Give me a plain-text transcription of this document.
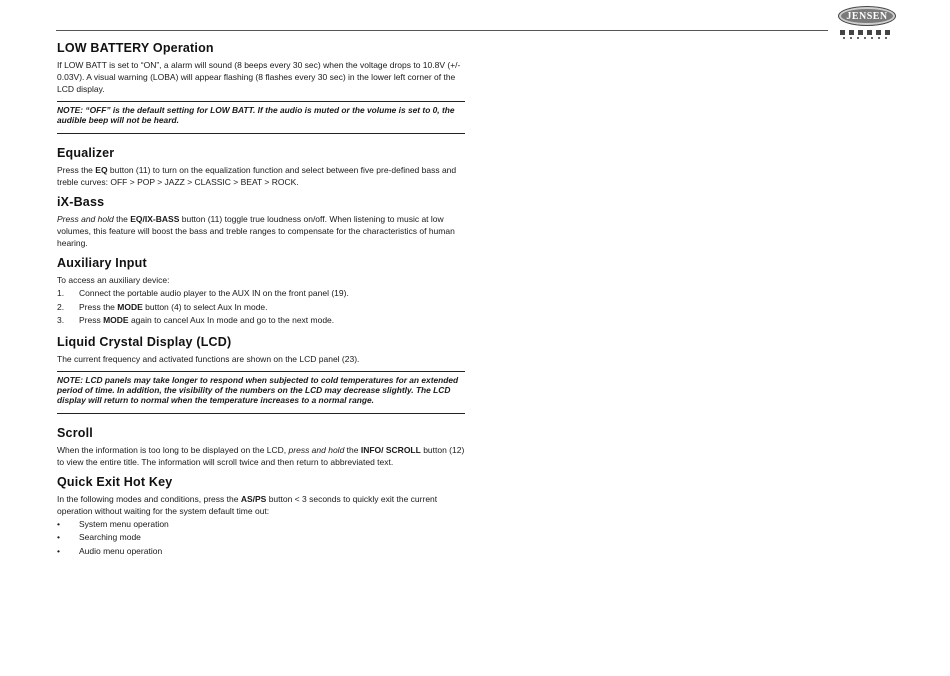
JENSEN
LOW BATTERY Operation

If LOW BATT is set to “ON”, a alarm will sound (8 beeps every 30 sec) when the voltage drops to 10.8V (+/- 0.03V). A visual warning (LOBA) will appear flashing (8 flashes every 30 sec) in the lower left corner of the LCD display.

NOTE: “OFF” is the default setting for LOW BATT. If the audio is muted or the volume is set to 0, the audible beep will not be heard.
Equalizer

Press the EQ button (11) to turn on the equalization function and select between five pre-defined bass and treble curves: OFF > POP > JAZZ > CLASSIC > BEAT > ROCK.

iX-Bass

Press and hold the EQ/IX-BASS button (11) toggle true loudness on/off. When listening to music at low volumes, this feature will boost the bass and treble ranges to compensate for the characteristics of human hearing.

Auxiliary Input

To access an auxiliary device:

1. Connect the portable audio player to the AUX IN on the front panel (19).
2. Press the MODE button (4) to select Aux In mode.
3. Press MODE again to cancel Aux In mode and go to the next mode.
Liquid Crystal Display (LCD)

The current frequency and activated functions are shown on the LCD panel (23).

NOTE: LCD panels may take longer to respond when subjected to cold temperatures for an extended period of time. In addition, the visibility of the numbers on the LCD may decrease slightly. The LCD display will return to normal when the temperature increases to a normal range.
Scroll

When the information is too long to be displayed on the LCD, press and hold the INFO/ SCROLL button (12) to view the entire title. The information will scroll twice and then return to abbreviated text.

Quick Exit Hot Key

In the following modes and conditions, press the AS/PS button < 3 seconds to quickly exit the current operation without waiting for the system default time out:

• System menu operation
• Searching mode
• Audio menu operation
